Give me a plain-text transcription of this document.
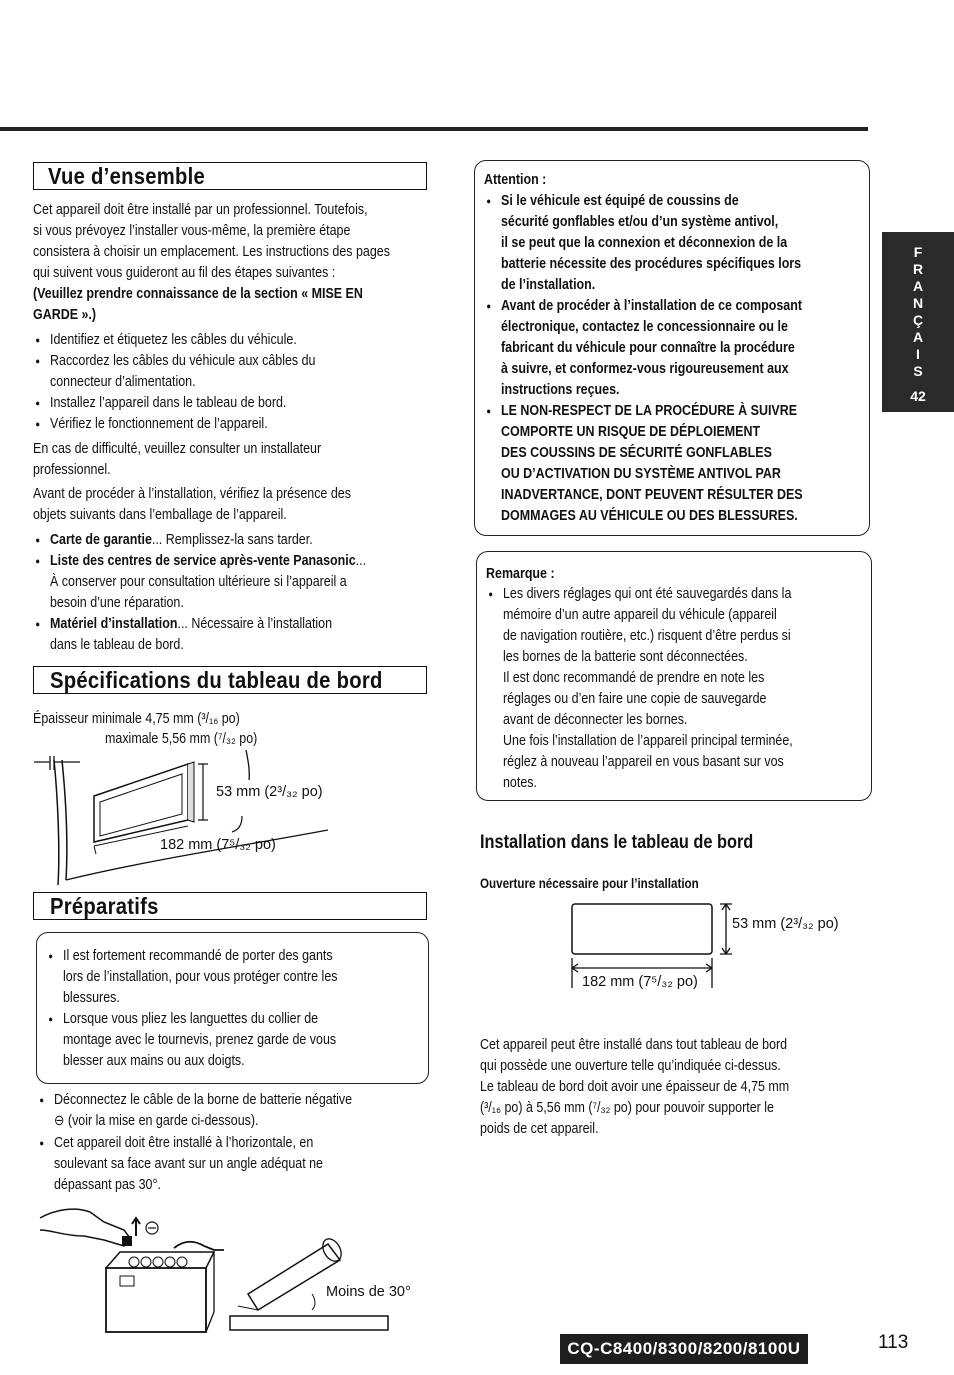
F
R
A
N
Ç
A
I
S
42
Vue d’ensemble
Cet appareil doit être installé par un professionnel. Toutefois,
si vous prévoyez l’installer vous-même, la première étape
consistera à choisir un emplacement. Les instructions des pages
qui suivent vous guideront au fil des étapes suivantes :
(Veuillez prendre connaissance de la section « MISE EN
GARDE ».)
● Identifiez et étiquetez les câbles du véhicule.
● Raccordez les câbles du véhicule aux câbles du
connecteur d’alimentation.
● Installez l’appareil dans le tableau de bord.
● Vérifiez le fonctionnement de l’appareil.
En cas de difficulté, veuillez consulter un installateur
professionnel.
Avant de procéder à l’installation, vérifiez la présence des
objets suivants dans l’emballage de l’appareil.
● Carte de garantie... Remplissez-la sans tarder.
● Liste des centres de service après-vente Panasonic...
À conserver pour consultation ultérieure si l’appareil a
besoin d’une réparation.
● Matériel d’installation... Nécessaire à l’installation
dans le tableau de bord.
Spécifications du tableau de bord
Épaisseur minimale 4,75 mm (³/₁₆ po)
maximale 5,56 mm (⁷/₃₂ po)
53 mm (2³/₃₂ po)
182 mm (7⁵/₃₂ po)
Préparatifs
● Il est fortement recommandé de porter des gants
lors de l’installation, pour vous protéger contre les
blessures.
● Lorsque vous pliez les languettes du collier de
montage avec le tournevis, prenez garde de vous
blesser aux mains ou aux doigts.
● Déconnectez le câble de la borne de batterie négative
⊖ (voir la mise en garde ci-dessous).
● Cet appareil doit être installé à l’horizontale, en
soulevant sa face avant sur un angle adéquat ne
dépassant pas 30°.
Moins de 30°
Attention :
● Si le véhicule est équipé de coussins de
sécurité gonflables et/ou d’un système antivol,
il se peut que la connexion et déconnexion de la
batterie nécessite des procédures spécifiques lors
de l’installation.
● Avant de procéder à l’installation de ce composant
électronique, contactez le concessionnaire ou le
fabricant du véhicule pour connaître la procédure
à suivre, et conformez-vous rigoureusement aux
instructions reçues.
● LE NON-RESPECT DE LA PROCÉDURE À SUIVRE
COMPORTE UN RISQUE DE DÉPLOIEMENT
DES COUSSINS DE SÉCURITÉ GONFLABLES
OU D’ACTIVATION DU SYSTÈME ANTIVOL PAR
INADVERTANCE, DONT PEUVENT RÉSULTER DES
DOMMAGES AU VÉHICULE OU DES BLESSURES.
Remarque :
● Les divers réglages qui ont été sauvegardés dans la
mémoire d’un autre appareil du véhicule (appareil
de navigation routière, etc.) risquent d’être perdus si
les bornes de la batterie sont déconnectées.
Il est donc recommandé de prendre en note les
réglages ou d’en faire une copie de sauvegarde
avant de déconnecter les bornes.
Une fois l’installation de l’appareil principal terminée,
réglez à nouveau l’appareil en vous basant sur vos
notes.
Installation dans le tableau de bord
Ouverture nécessaire pour l’installation
53 mm (2³/₃₂ po)
182 mm (7⁵/₃₂ po)
Cet appareil peut être installé dans tout tableau de bord
qui possède une ouverture telle qu’indiquée ci-dessus.
Le tableau de bord doit avoir une épaisseur de 4,75 mm
(³/₁₆ po) à 5,56 mm (⁷/₃₂ po) pour pouvoir supporter le
poids de cet appareil.
CQ-C8400/8300/8200/8100U	113
